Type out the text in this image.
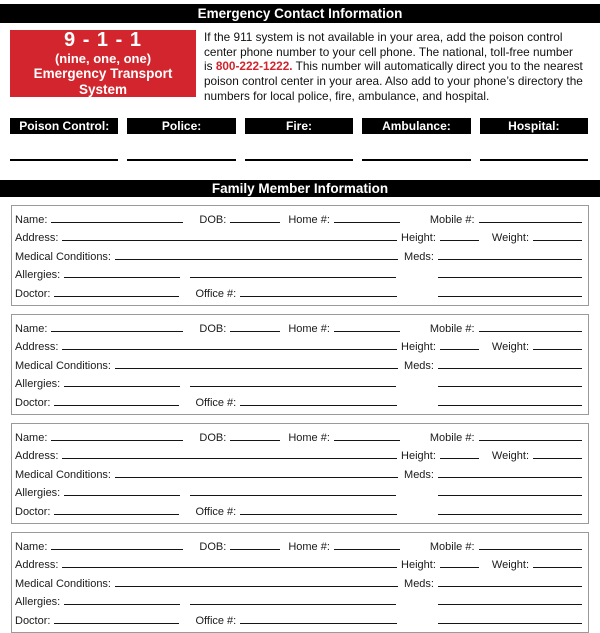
Emergency Contact Information
9 - 1 - 1
(nine, one, one)
Emergency Transport System
If the 911 system is not available in your area, add the poison control
center phone number to your cell phone. The national, toll-free number
is 800-222-1222. This number will automatically direct you to the nearest
poison control center in your area. Also add to your phone’s directory the
numbers for local police, fire, ambulance, and hospital.
Poison Control:	Police:	Fire:	Ambulance:	Hospital:
Family Member Information
Name:	DOB:	Home #:	Mobile #:
Address:	Height:	Weight:
Medical Conditions:	Meds:
Allergies:
Doctor:	Office #:
Name:	DOB:	Home #:	Mobile #:
Address:	Height:	Weight:
Medical Conditions:	Meds:
Allergies:
Doctor:	Office #:
Name:	DOB:	Home #:	Mobile #:
Address:	Height:	Weight:
Medical Conditions:	Meds:
Allergies:
Doctor:	Office #:
Name:	DOB:	Home #:	Mobile #:
Address:	Height:	Weight:
Medical Conditions:	Meds:
Allergies:
Doctor:	Office #:
